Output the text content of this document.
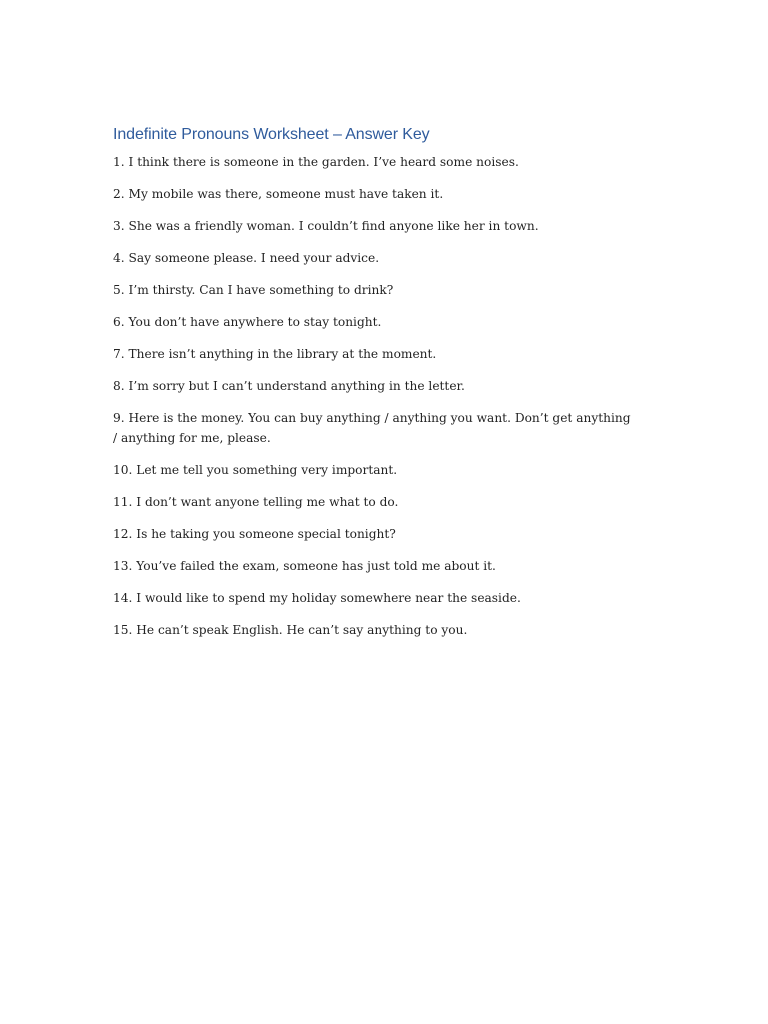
Indefinite Pronouns Worksheet – Answer Key
1. I think there is someone in the garden. I’ve heard some noises.
2. My mobile was there, someone must have taken it.
3. She was a friendly woman. I couldn’t find anyone like her in town.
4. Say someone please. I need your advice.
5. I’m thirsty. Can I have something to drink?
6. You don’t have anywhere to stay tonight.
7. There isn’t anything in the library at the moment.
8. I’m sorry but I can’t understand anything in the letter.
9. Here is the money. You can buy anything / anything you want. Don’t get anything / anything for me, please.
10. Let me tell you something very important.
11. I don’t want anyone telling me what to do.
12. Is he taking you someone special tonight?
13. You’ve failed the exam, someone has just told me about it.
14. I would like to spend my holiday somewhere near the seaside.
15. He can’t speak English. He can’t say anything to you.
